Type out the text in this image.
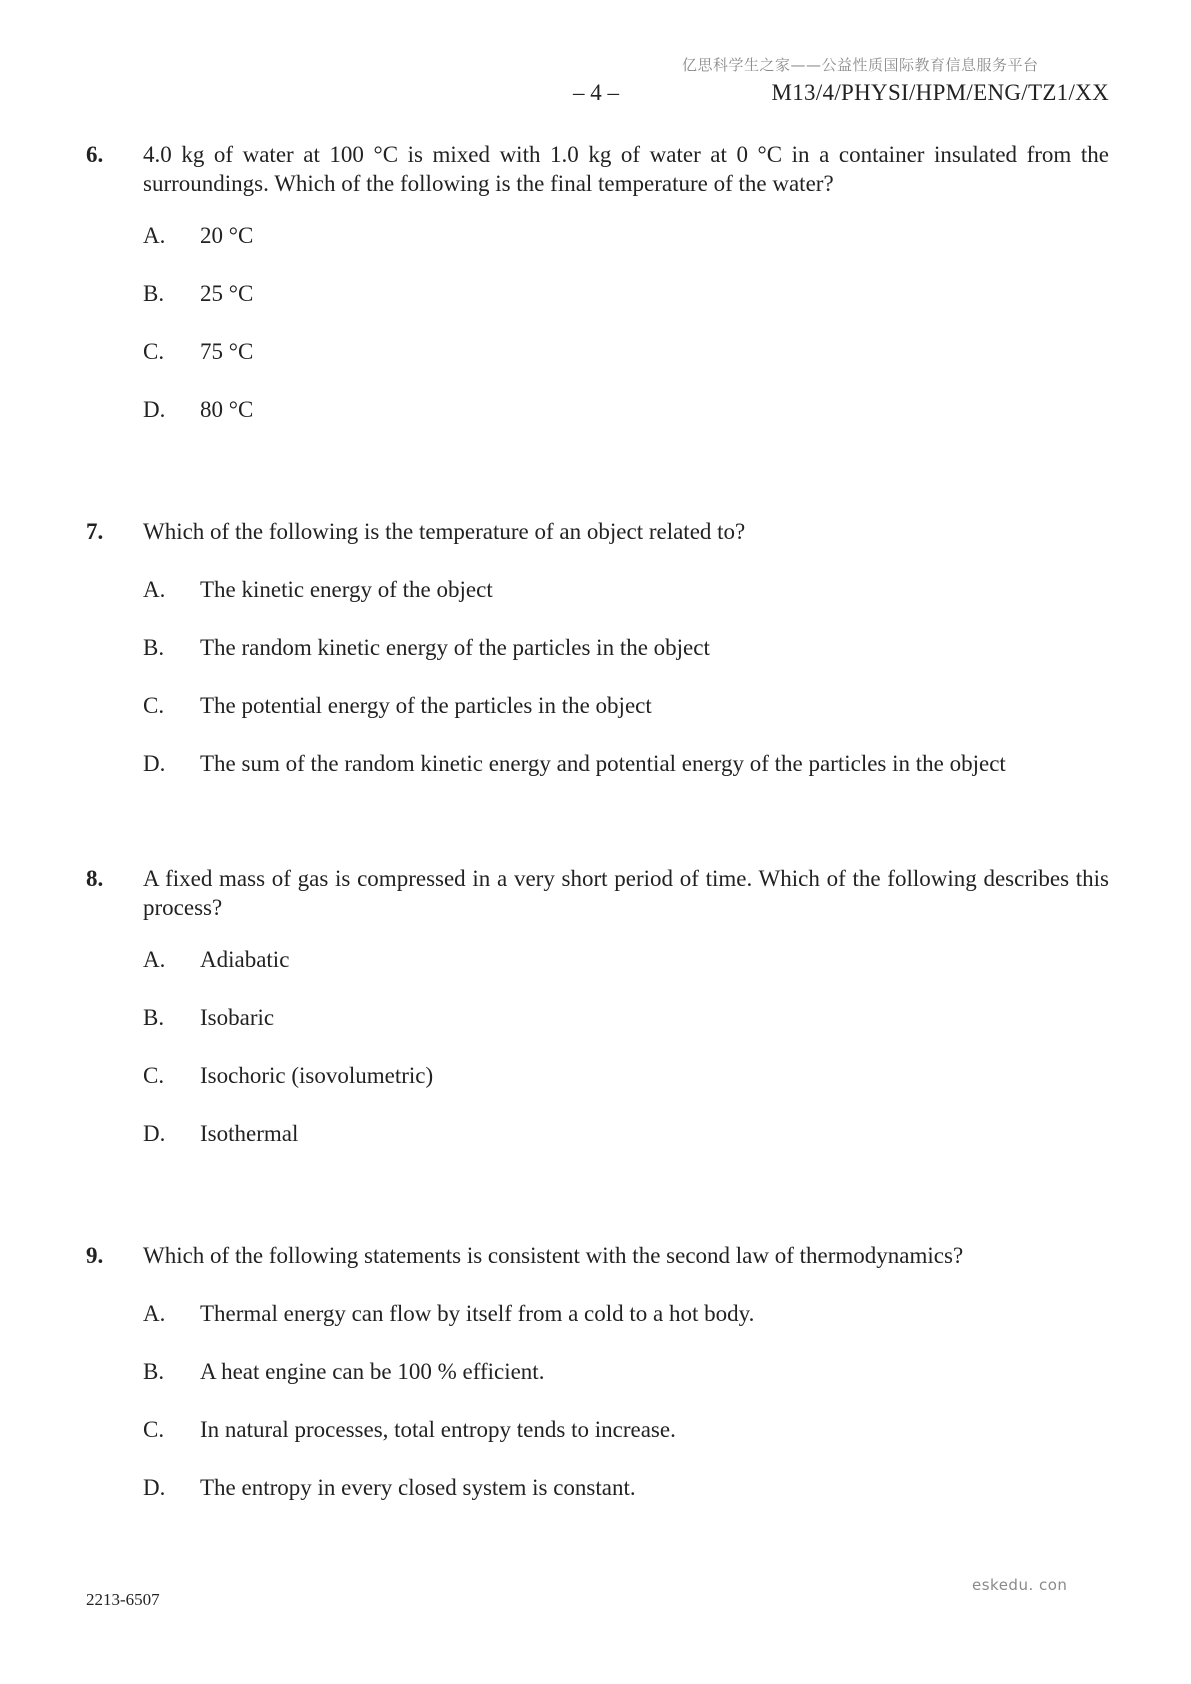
亿思科学生之家——公益性质国际教育信息服务平台
– 4 –	M13/4/PHYSI/HPM/ENG/TZ1/XX
6. 4.0 kg of water at 100 °C is mixed with 1.0 kg of water at 0 °C in a container insulated from the surroundings. Which of the following is the final temperature of the water?
A. 20 °C
B. 25 °C
C. 75 °C
D. 80 °C
7. Which of the following is the temperature of an object related to?
A. The kinetic energy of the object
B. The random kinetic energy of the particles in the object
C. The potential energy of the particles in the object
D. The sum of the random kinetic energy and potential energy of the particles in the object
8. A fixed mass of gas is compressed in a very short period of time. Which of the following describes this process?
A. Adiabatic
B. Isobaric
C. Isochoric (isovolumetric)
D. Isothermal
9. Which of the following statements is consistent with the second law of thermodynamics?
A. Thermal energy can flow by itself from a cold to a hot body.
B. A heat engine can be 100 % efficient.
C. In natural processes, total entropy tends to increase.
D. The entropy in every closed system is constant.
2213-6507
eskedu. con
